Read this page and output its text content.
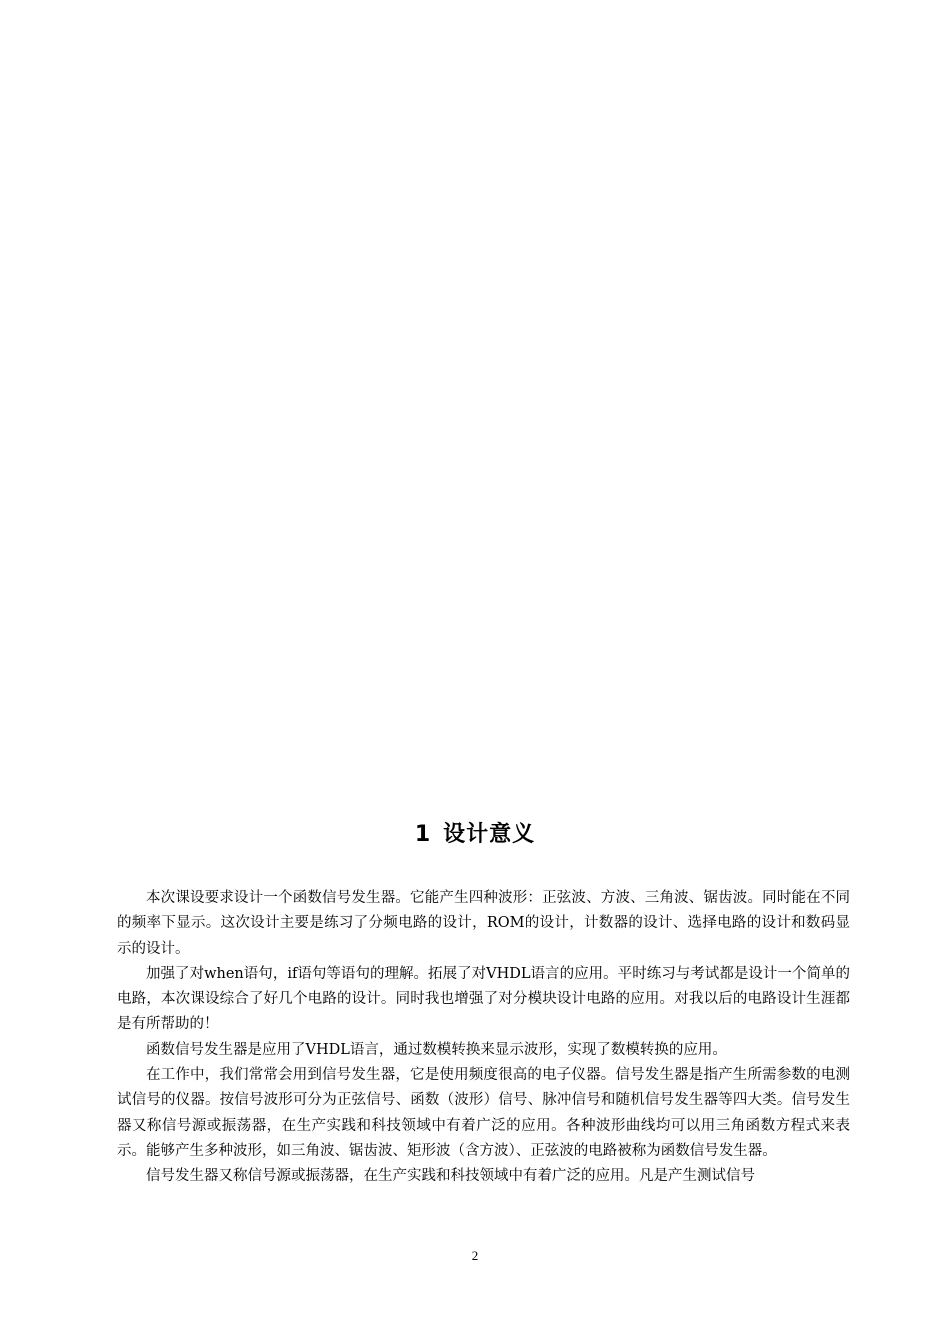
1 设计意义

本次课设要求设计一个函数信号发生器。它能产生四种波形：正弦波、方波、三角波、锯齿波。同时能在不同的频率下显示。这次设计主要是练习了分频电路的设计，ROM的设计，计数器的设计、选择电路的设计和数码显示的设计。

加强了对when语句，if语句等语句的理解。拓展了对VHDL语言的应用。平时练习与考试都是设计一个简单的电路，本次课设综合了好几个电路的设计。同时我也增强了对分模块设计电路的应用。对我以后的电路设计生涯都是有所帮助的！

函数信号发生器是应用了VHDL语言，通过数模转换来显示波形，实现了数模转换的应用。

在工作中，我们常常会用到信号发生器，它是使用频度很高的电子仪器。信号发生器是指产生所需参数的电测试信号的仪器。按信号波形可分为正弦信号、函数（波形）信号、脉冲信号和随机信号发生器等四大类。信号发生器又称信号源或振荡器，在生产实践和科技领域中有着广泛的应用。各种波形曲线均可以用三角函数方程式来表示。能够产生多种波形，如三角波、锯齿波、矩形波（含方波）、正弦波的电路被称为函数信号发生器。

信号发生器又称信号源或振荡器，在生产实践和科技领域中有着广泛的应用。凡是产生测试信号

2
